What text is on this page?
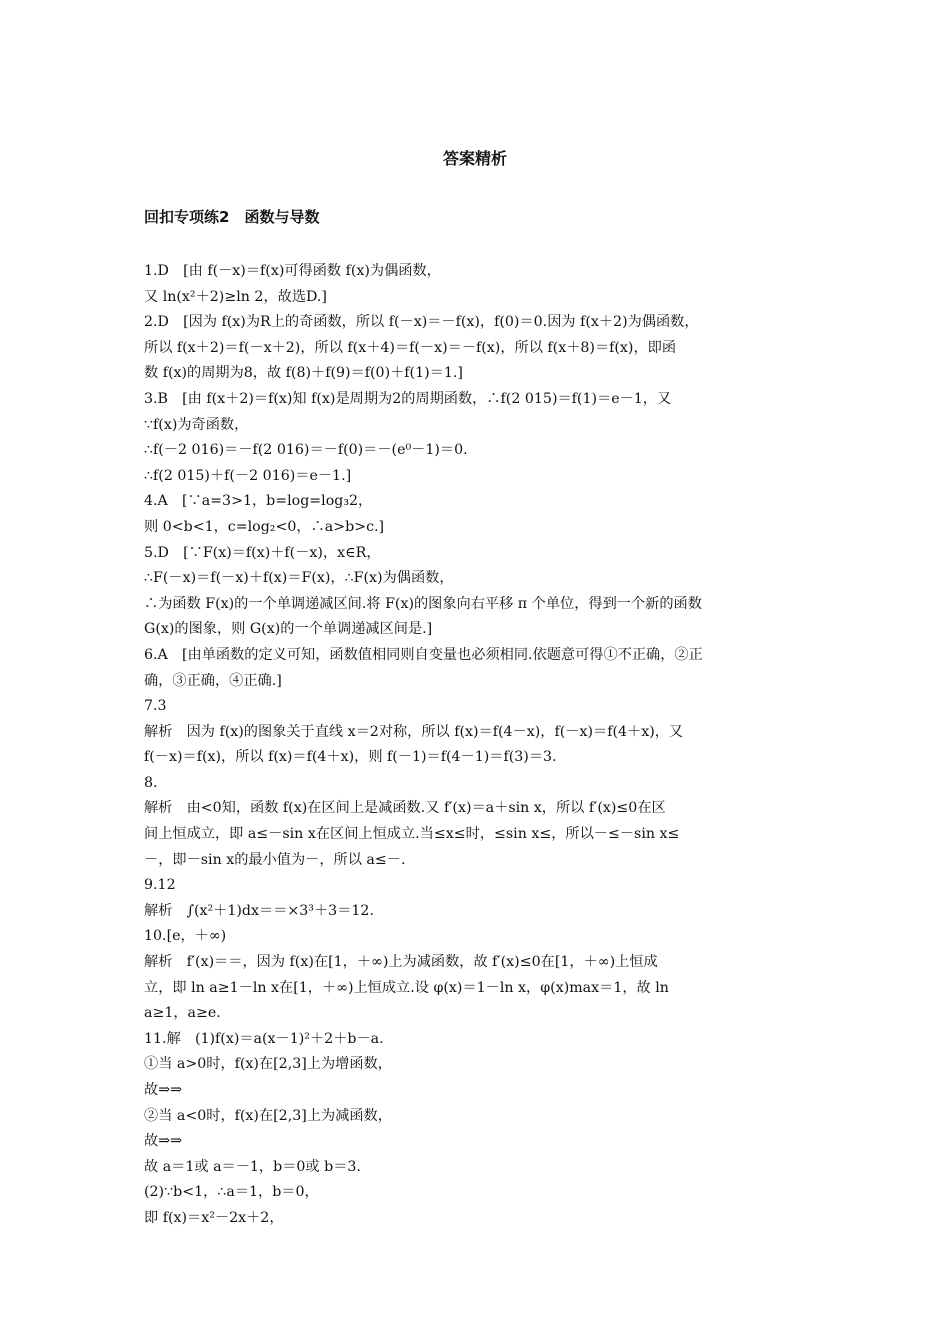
答案精析
回扣专项练2　函数与导数
1.D　[由 f(－x)＝f(x)可得函数 f(x)为偶函数，
又 ln(x²＋2)≥ln 2，故选D.]
2.D　[因为 f(x)为R上的奇函数，所以 f(－x)＝－f(x)，f(0)＝0.因为 f(x＋2)为偶函数，
所以 f(x＋2)＝f(－x＋2)，所以 f(x＋4)＝f(－x)＝－f(x)，所以 f(x＋8)＝f(x)，即函
数 f(x)的周期为8，故 f(8)＋f(9)＝f(0)＋f(1)＝1.]
3.B　[由 f(x＋2)＝f(x)知 f(x)是周期为2的周期函数，∴f(2 015)＝f(1)＝e－1，又
∵f(x)为奇函数，
∴f(－2 016)＝－f(2 016)＝－f(0)＝－(e⁰－1)＝0.
∴f(2 015)＋f(－2 016)＝e－1.]
4.A　[∵a=3>1，b=log=log₃2，
则 0<b<1，c=log₂<0，∴a>b>c.]
5.D　[∵F(x)＝f(x)＋f(－x)，x∈R，
∴F(－x)＝f(－x)＋f(x)＝F(x)，∴F(x)为偶函数，
∴为函数 F(x)的一个单调递减区间.将 F(x)的图象向右平移 π 个单位，得到一个新的函数
G(x)的图象，则 G(x)的一个单调递减区间是.]
6.A　[由单函数的定义可知，函数值相同则自变量也必须相同.依题意可得①不正确，②正
确，③正确，④正确.]
7.3
解析　因为 f(x)的图象关于直线 x＝2对称，所以 f(x)＝f(4－x)，f(－x)＝f(4＋x)，又
f(－x)＝f(x)，所以 f(x)＝f(4＋x)，则 f(－1)＝f(4－1)＝f(3)＝3.
8.
解析　由<0知，函数 f(x)在区间上是减函数.又 f′(x)＝a＋sin x，所以 f′(x)≤0在区
间上恒成立，即 a≤－sin x在区间上恒成立.当≤x≤时，≤sin x≤，所以－≤－sin x≤
－，即－sin x的最小值为－，所以 a≤－.
9.12
解析　∫(x²＋1)dx＝＝×3³＋3＝12.
10.[e，＋∞)
解析　f′(x)＝＝，因为 f(x)在[1，＋∞)上为减函数，故 f′(x)≤0在[1，＋∞)上恒成
立，即 ln a≥1－ln x在[1，＋∞)上恒成立.设 φ(x)＝1－ln x，φ(x)max＝1，故 ln
a≥1，a≥e.
11.解　(1)f(x)＝a(x－1)²＋2＋b－a.
①当 a>0时，f(x)在[2,3]上为增函数，
故⇒⇒
②当 a<0时，f(x)在[2,3]上为减函数，
故⇒⇒
故 a＝1或 a＝－1，b＝0或 b＝3.
(2)∵b<1，∴a＝1，b＝0，
即 f(x)＝x²－2x＋2，
